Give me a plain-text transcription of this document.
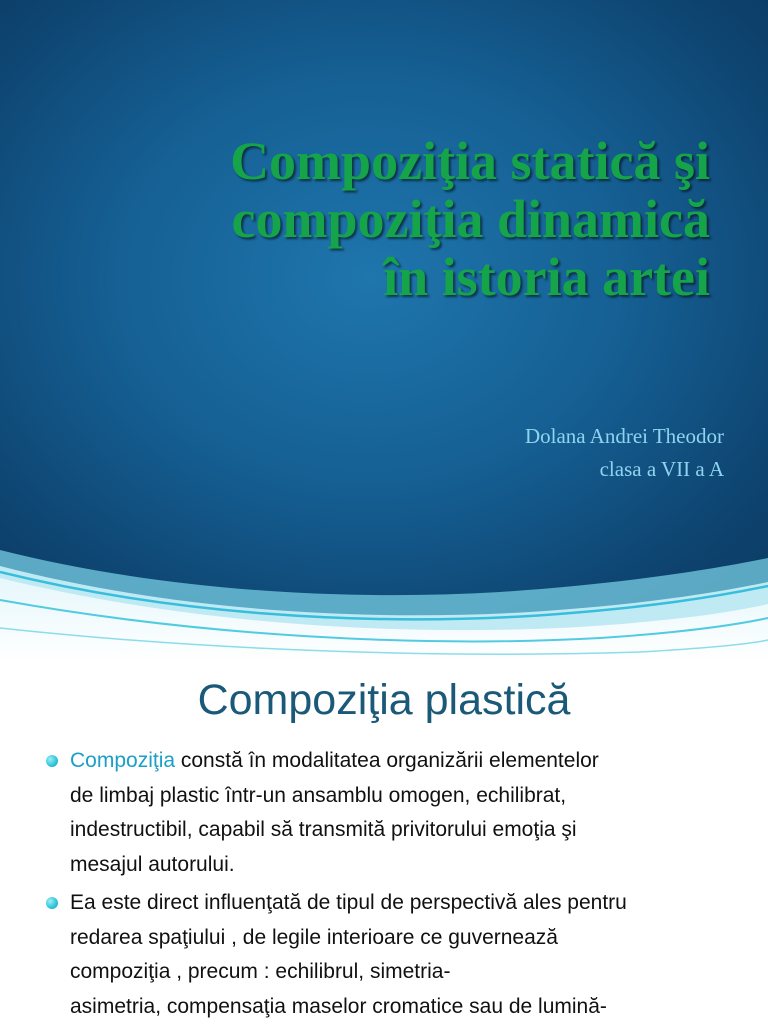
Compoziţia statică şi
compoziţia dinamică
în istoria artei
Dolana Andrei Theodor
clasa a VII a A
Compoziţia plastică
Compoziţia constă în modalitatea organizării elementelor
de limbaj plastic într-un ansamblu omogen, echilibrat,
indestructibil, capabil să transmită privitorului emoţia şi
mesajul autorului.
Ea este direct influenţată de tipul de perspectivă ales pentru
redarea spaţiului , de legile interioare ce guvernează
compoziţia , precum : echilibrul, simetria-
asimetria, compensaţia maselor cromatice sau de lumină-
